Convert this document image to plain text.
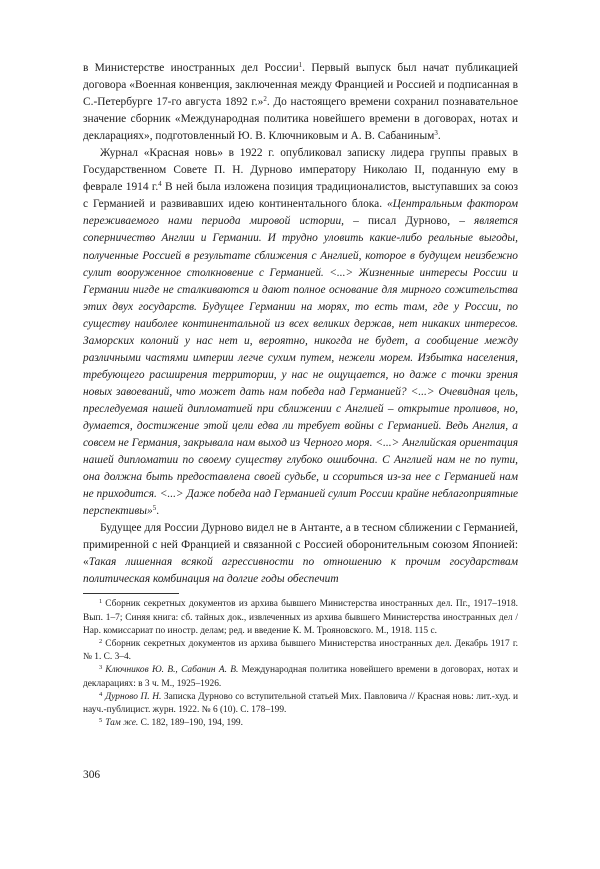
в Министерстве иностранных дел России$^1$. Первый выпуск был начат публикацией договора «Военная конвенция, заключенная между Францией и Россией и подписанная в С.-Петербурге 17-го августа 1892 г.»$^2$. До настоящего времени сохранил познавательное значение сборник «Международная политика новейшего времени в договорах, нотах и декларациях», подготовленный Ю. В. Ключниковым и А. В. Сабаниным$^3$.

Журнал «Красная новь» в 1922 г. опубликовал записку лидера группы правых в Государственном Совете П. Н. Дурново императору Николаю II, поданную ему в феврале 1914 г.$^4$ В ней была изложена позиция традиционалистов, выступавших за союз с Германией и развивавших идею континентального блока. «Центральным фактором переживаемого нами периода мировой истории, – писал Дурново, – является соперничество Англии и Германии. И трудно уловить какие-либо реальные выгоды, полученные Россией в результате сближения с Англией, которое в будущем неизбежно сулит вооруженное столкновение с Германией. <...> Жизненные интересы России и Германии нигде не сталкиваются и дают полное основание для мирного сожительства этих двух государств. Будущее Германии на морях, то есть там, где у России, по существу наиболее континентальной из всех великих держав, нет никаких интересов. Заморских колоний у нас нет и, вероятно, никогда не будет, а сообщение между различными частями империи легче сухим путем, нежели морем. Избытка населения, требующего расширения территории, у нас не ощущается, но даже с точки зрения новых завоеваний, что может дать нам победа над Германией? <...> Очевидная цель, преследуемая нашей дипломатией при сближении с Англией – открытие проливов, но, думается, достижение этой цели едва ли требует войны с Германией. Ведь Англия, а совсем не Германия, закрывала нам выход из Черного моря. <...> Английская ориентация нашей дипломатии по своему существу глубоко ошибочна. С Англией нам не по пути, она должна быть предоставлена своей судьбе, и ссориться из-за нее с Германией нам не приходится. <...> Даже победа над Германией сулит России крайне неблагоприятные перспективы»$^5$.

Будущее для России Дурново видел не в Антанте, а в тесном сближении с Германией, примиренной с ней Францией и связанной с Россией оборонительным союзом Японией: «Такая лишенная всякой агрессивности по отношению к прочим государствам политическая комбинация на долгие годы обеспечит

$^1$ Сборник секретных документов из архива бывшего Министерства иностранных дел. Пг., 1917–1918. Вып. 1–7; Синяя книга: сб. тайных док., извлеченных из архива бывшего Министерства иностранных дел / Нар. комиссариат по иностр. делам; ред. и введение К. М. Трояновского. М., 1918. 115 с.

$^2$ Сборник секретных документов из архива бывшего Министерства иностранных дел. Декабрь 1917 г. № 1. С. 3–4.

$^3$ Ключников Ю. В., Сабанин А. В. Международная политика новейшего времени в договорах, нотах и декларациях: в 3 ч. М., 1925–1926.

$^4$ Дурново П. Н. Записка Дурново со вступительной статьей Мих. Павловича // Красная новь: лит.-худ. и науч.-публицист. журн. 1922. № 6 (10). С. 178–199.

$^5$ Там же. С. 182, 189–190, 194, 199.

306
